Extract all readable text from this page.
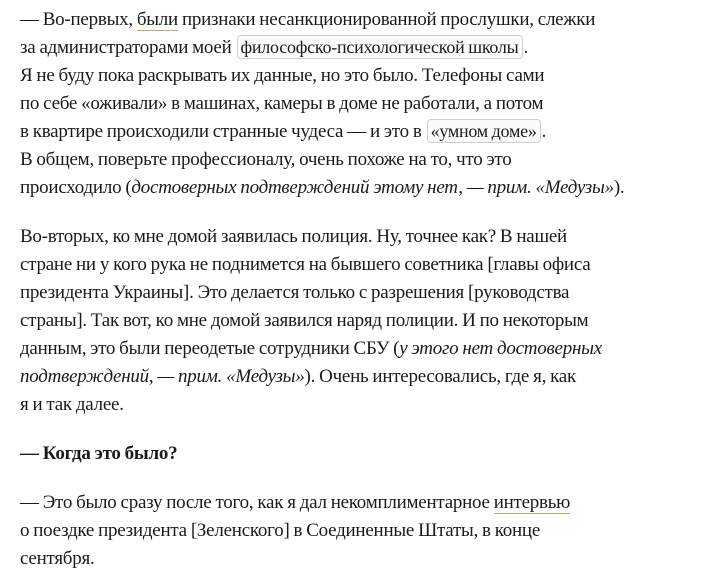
— Во-первых, были признаки несанкционированной прослушки, слежки
за администраторами моей философско-психологической школы .
Я не буду пока раскрывать их данные, но это было. Телефоны сами
по себе «оживали» в машинах, камеры в доме не работали, а потом
в квартире происходили странные чудеса — и это в «умном доме» .
В общем, поверьте профессионалу, очень похоже на то, что это
происходило (достоверных подтверждений этому нет, — прим. «Медузы»).

Во-вторых, ко мне домой заявилась полиция. Ну, точнее как? В нашей
стране ни у кого рука не поднимется на бывшего советника [главы офиса
президента Украины]. Это делается только с разрешения [руководства
страны]. Так вот, ко мне домой заявился наряд полиции. И по некоторым
данным, это были переодетые сотрудники СБУ (у этого нет достоверных
подтверждений, — прим. «Медузы»). Очень интересовались, где я, как
я и так далее.

— Когда это было?

— Это было сразу после того, как я дал некомплиментарное интервью
о поездке президента [Зеленского] в Соединенные Штаты, в конце
сентября.
